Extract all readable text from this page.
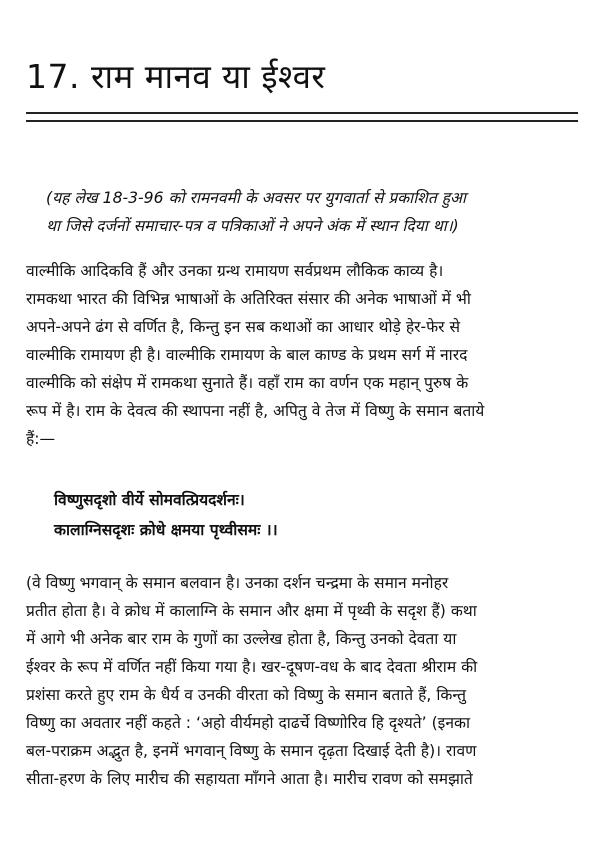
17. राम मानव या ईश्वर
(यह लेख 18-3-96 को रामनवमी के अवसर पर युगवार्ता से प्रकाशित हुआ
था जिसे दर्जनों समाचार-पत्र व पत्रिकाओं ने अपने अंक में स्थान दिया था।)
वाल्मीकि आदिकवि हैं और उनका ग्रन्थ रामायण सर्वप्रथम लौकिक काव्य है।
रामकथा भारत की विभिन्न भाषाओं के अतिरिक्त संसार की अनेक भाषाओं में भी
अपने-अपने ढंग से वर्णित है, किन्तु इन सब कथाओं का आधार थोड़े हेर-फेर से
वाल्मीकि रामायण ही है। वाल्मीकि रामायण के बाल काण्ड के प्रथम सर्ग में नारद
वाल्मीकि को संक्षेप में रामकथा सुनाते हैं। वहाँ राम का वर्णन एक महान् पुरुष के
रूप में है। राम के देवत्व की स्थापना नहीं है, अपितु वे तेज में विष्णु के समान बताये
हैं:—
विष्णुसदृशो वीर्ये सोमवत्प्रियदर्शनः।
कालाग्निसदृशः क्रोधे क्षमया पृथ्वीसमः ।।
(वे विष्णु भगवान् के समान बलवान है। उनका दर्शन चन्द्रमा के समान मनोहर
प्रतीत होता है। वे क्रोध में कालाग्नि के समान और क्षमा में पृथ्वी के सदृश हैं) कथा
में आगे भी अनेक बार राम के गुणों का उल्लेख होता है, किन्तु उनको देवता या
ईश्वर के रूप में वर्णित नहीं किया गया है। खर-दूषण-वध के बाद देवता श्रीराम की
प्रशंसा करते हुए राम के धैर्य व उनकी वीरता को विष्णु के समान बताते हैं, किन्तु
विष्णु का अवतार नहीं कहते : ‘अहो वीर्यमहो दाढर्चे विष्णोरिव हि दृश्यते’ (इनका
बल-पराक्रम अद्भुत है, इनमें भगवान् विष्णु के समान दृढ़ता दिखाई देती है)। रावण
सीता-हरण के लिए मारीच की सहायता माँगने आता है। मारीच रावण को समझाते
